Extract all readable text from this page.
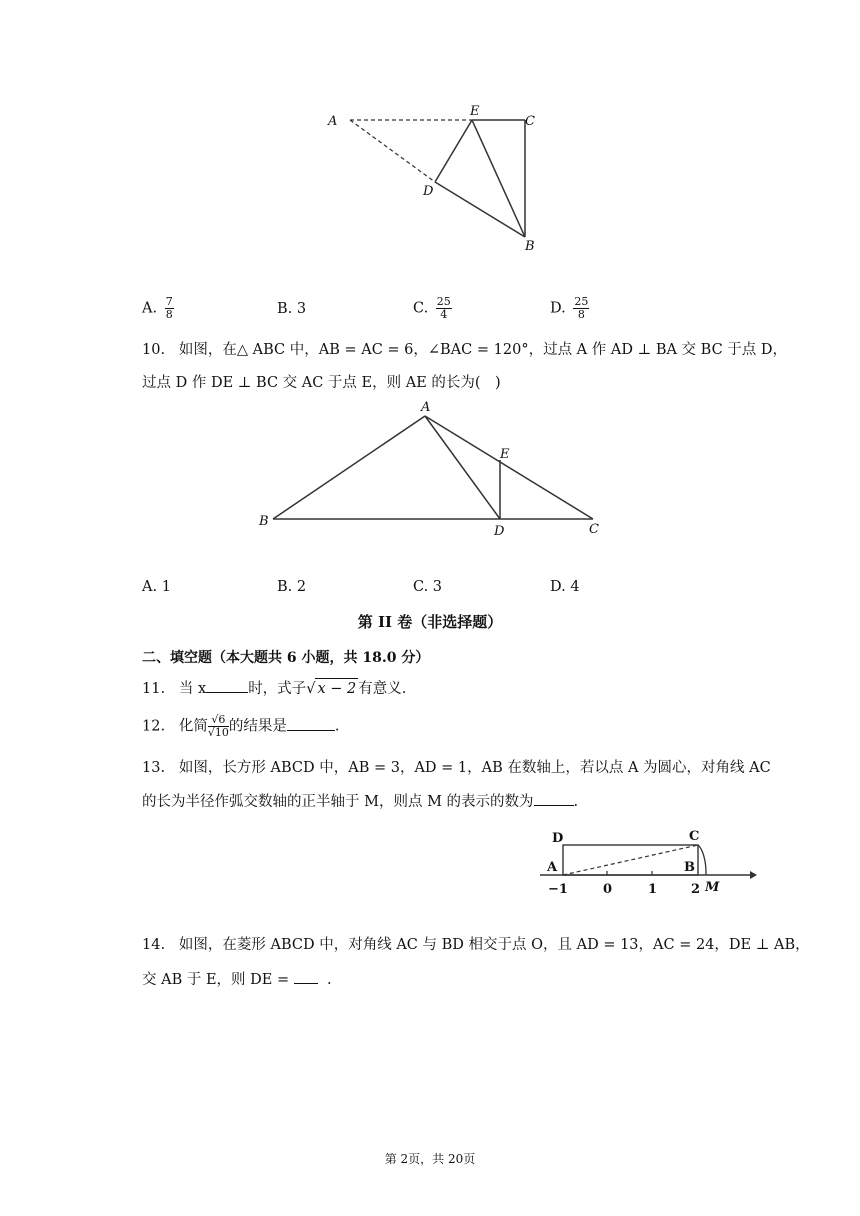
A
E
C
D
B
A. $\frac{7}{8}$	B. 3	C. $\frac{25}{4}$	D. $\frac{25}{8}$
10. 如图，在△ ABC 中，AB = AC = 6，∠BAC = 120°，过点 A 作 AD ⊥ BA 交 BC 于点 D，
过点 D 作 DE ⊥ BC 交 AC 于点 E，则 AE 的长为(　)
A
B
C
D
E
A. 1	B. 2	C. 3	D. 4
第 II 卷（非选择题）
二、填空题（本大题共 6 小题，共 18.0 分）
11. 当 x	时，式子√ x − 2 有意义.
12. 化简 $\frac{√6}{√10}$ 的结果是	.
13. 如图，长方形 ABCD 中，AB = 3，AD = 1，AB 在数轴上，若以点 A 为圆心，对角线 AC
的长为半径作弧交数轴的正半轴于 M，则点 M 的表示的数为	.
D	C
A	B
M
−1	0	1	2
14. 如图，在菱形 ABCD 中，对角线 AC 与 BD 相交于点 O，且 AD = 13，AC = 24，DE ⊥ AB，
交 AB 于 E，则 DE =	.
第 2页，共 20页
